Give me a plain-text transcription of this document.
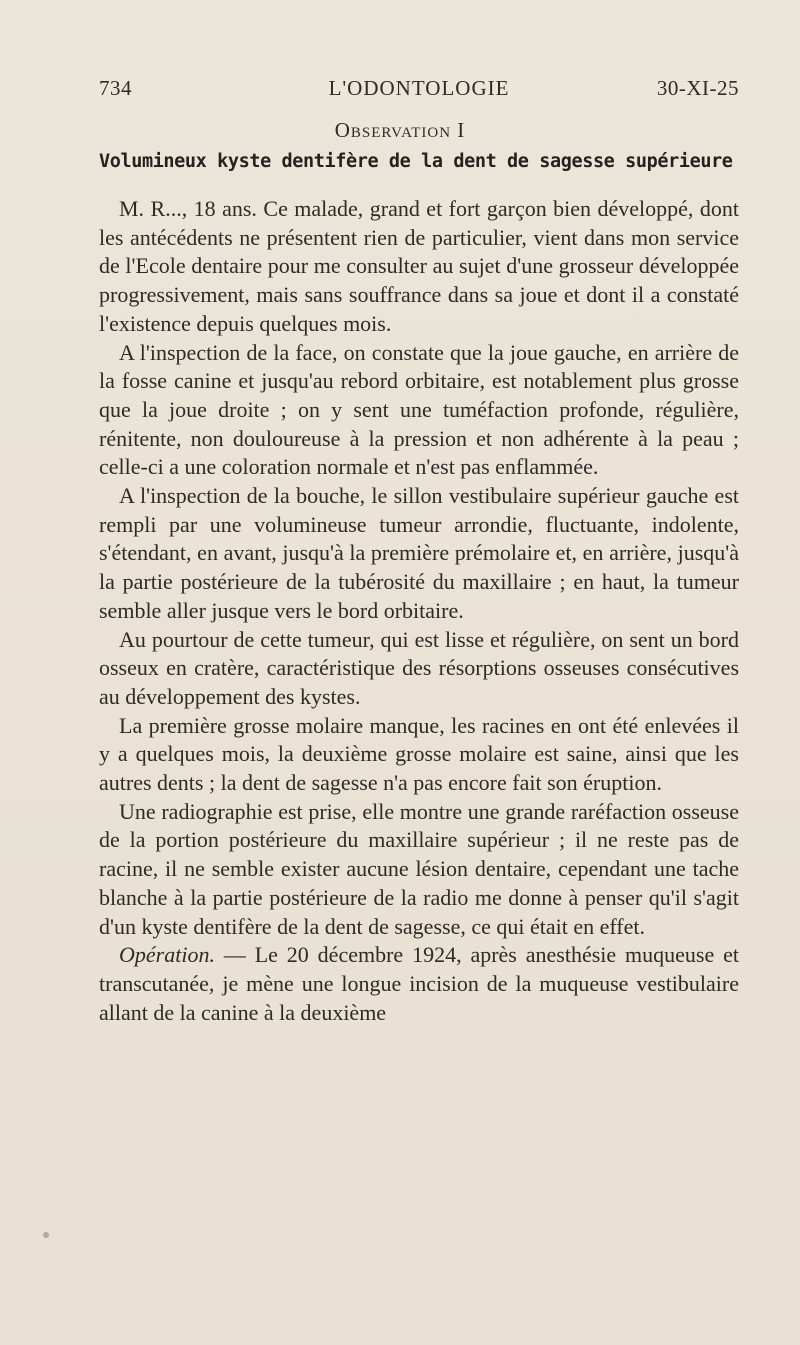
734	L'ODONTOLOGIE	30-XI-25
Observation I
Volumineux kyste dentifère de la dent de sagesse supérieure

M. R..., 18 ans. Ce malade, grand et fort garçon bien développé, dont les antécédents ne présentent rien de particulier, vient dans mon service de l'Ecole dentaire pour me consulter au sujet d'une grosseur développée progressivement, mais sans souffrance dans sa joue et dont il a constaté l'existence depuis quelques mois.

A l'inspection de la face, on constate que la joue gauche, en arrière de la fosse canine et jusqu'au rebord orbitaire, est notablement plus grosse que la joue droite ; on y sent une tuméfaction profonde, régulière, rénitente, non douloureuse à la pression et non adhérente à la peau ; celle-ci a une coloration normale et n'est pas enflammée.

A l'inspection de la bouche, le sillon vestibulaire supérieur gauche est rempli par une volumineuse tumeur arrondie, fluctuante, indolente, s'étendant, en avant, jusqu'à la première prémolaire et, en arrière, jusqu'à la partie postérieure de la tubérosité du maxillaire ; en haut, la tumeur semble aller jusque vers le bord orbitaire.

Au pourtour de cette tumeur, qui est lisse et régulière, on sent un bord osseux en cratère, caractéristique des résorptions osseuses consécutives au développement des kystes.

La première grosse molaire manque, les racines en ont été enlevées il y a quelques mois, la deuxième grosse molaire est saine, ainsi que les autres dents ; la dent de sagesse n'a pas encore fait son éruption.

Une radiographie est prise, elle montre une grande raréfaction osseuse de la portion postérieure du maxillaire supérieur ; il ne reste pas de racine, il ne semble exister aucune lésion dentaire, cependant une tache blanche à la partie postérieure de la radio me donne à penser qu'il s'agit d'un kyste dentifère de la dent de sagesse, ce qui était en effet.

Opération. — Le 20 décembre 1924, après anesthésie muqueuse et transcutanée, je mène une longue incision de la muqueuse vestibulaire allant de la canine à la deuxième
